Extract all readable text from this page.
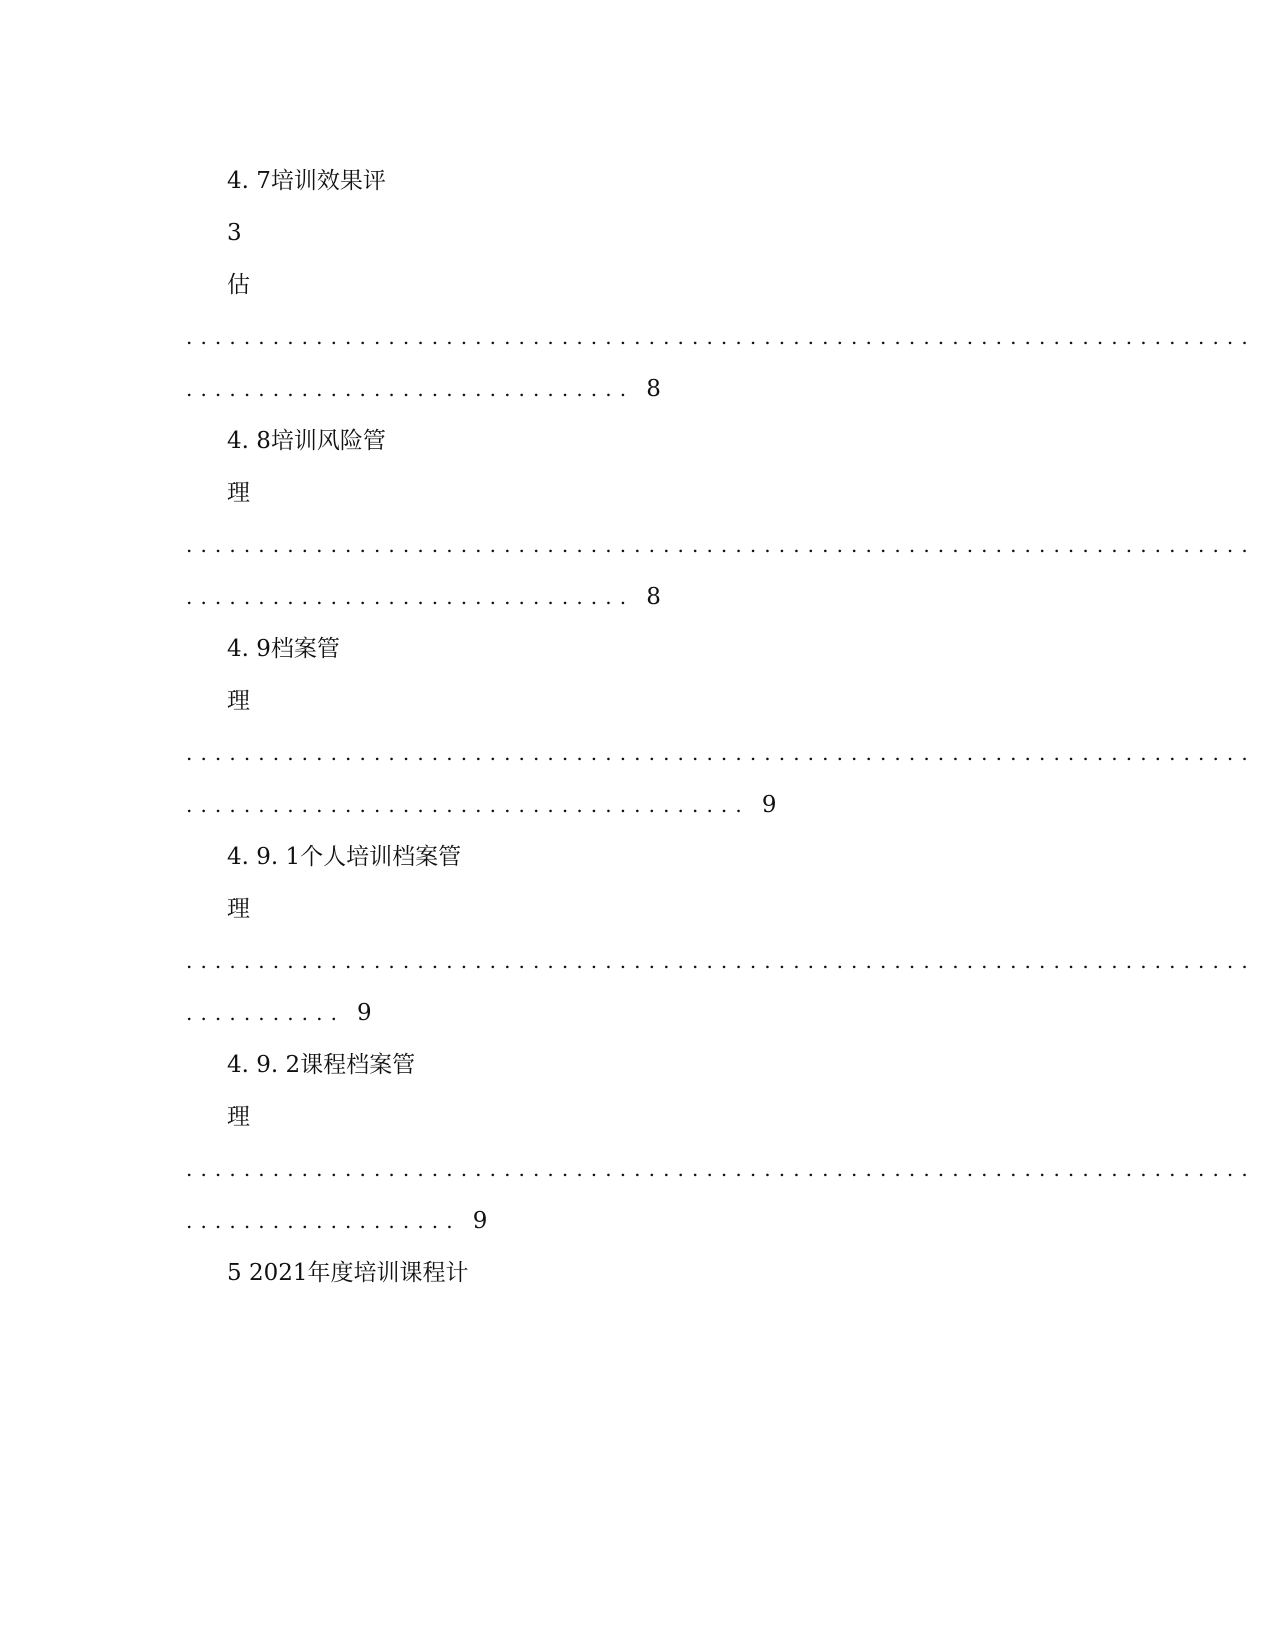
4. 7培训效果评
3
估
..........................................................................
............................... 8
4. 8培训风险管
理
..........................................................................
............................... 8
4. 9档案管
理
..........................................................................
....................................... 9
4. 9. 1个人培训档案管
理
..........................................................................
........... 9
4. 9. 2课程档案管
理
..........................................................................
................... 9
5 2021年度培训课程计
